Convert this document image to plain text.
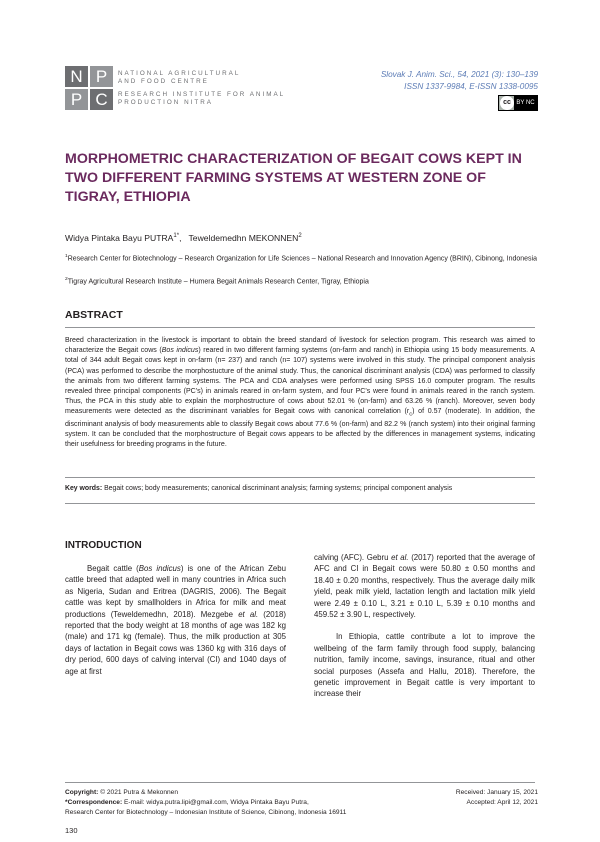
N P
P C
NATIONAL AGRICULTURAL
AND FOOD CENTRE
RESEARCH INSTITUTE FOR ANIMAL
PRODUCTION NITRA
Slovak J. Anim. Sci., 54, 2021 (3): 130–139
ISSN 1337-9984, E-ISSN 1338-0095
cc BY NC
MORPHOMETRIC CHARACTERIZATION OF BEGAIT COWS KEPT IN TWO DIFFERENT FARMING SYSTEMS AT WESTERN ZONE OF TIGRAY, ETHIOPIA
Widya Pintaka Bayu $PUTRA^{1*}$,   Teweldemedhn MEKONNEN$^2$
$^1$Research Center for Biotechnology – Research Organization for Life Sciences – National Research and Innovation Agency (BRIN), Cibinong, Indonesia
$^2$Tigray Agricultural Research Institute – Humera Begait Animals Research Center, Tigray, Ethiopia
ABSTRACT
Breed characterization in the livestock is important to obtain the breed standard of livestock for selection program. This research was aimed to characterize the Begait cows (Bos indicus) reared in two different farming systems (on-farm and ranch) in Ethiopia using 15 body measurements. A total of 344 adult Begait cows kept in on-farm (n= 237) and ranch (n= 107) systems were involved in this study. The principal component analysis (PCA) was performed to describe the morphostucture of the animal study. Thus, the canonical discriminant analysis (CDA) was performed to classify the animals from two different farming systems. The PCA and CDA analyses were performed using SPSS 16.0 computer program. The results revealed three principal components (PC's) in animals reared in on-farm system, and four PC's were found in animals reared in the ranch system. Thus, the PCA in this study able to explain the morphostructure of cows about 52.01 % (on-farm) and 63.26 % (ranch). Moreover, seven body measurements were detected as the discriminant variables for Begait cows with canonical correlation $(r_c)$ of 0.57 (moderate). In addition, the discriminant analysis of body measurements able to classify Begait cows about 77.6 % (on-farm) and 82.2 % (ranch system) into their original farming system. It can be concluded that the morphostructure of Begait cows appears to be affected by the differences in management systems, indicating their usefulness for breeding programs in the future.
Key words: Begait cows; body measurements; canonical discriminant analysis; farming systems; principal component analysis
INTRODUCTION

Begait cattle (Bos indicus) is one of the African Zebu cattle breed that adapted well in many countries in Africa such as Nigeria, Sudan and Eritrea (DAGRIS, 2006). The Begait cattle was kept by smallholders in Africa for milk and meat productions (Teweldemedhn, 2018). Mezgebe et al. (2018) reported that the body weight at 18 months of age was 182 kg (male) and 171 kg (female). Thus, the milk production at 305 days of lactation in Begait cows was 1360 kg with 316 days of dry period, 600 days of calving interval (CI) and 1040 days of age at first

calving (AFC). Gebru et al. (2017) reported that the average of AFC and CI in Begait cows were 50.80 ± 0.50 months and 18.40 ± 0.20 months, respectively. Thus the average daily milk yield, peak milk yield, lactation length and lactation milk yield were 2.49 ± 0.10 L, 3.21 ± 0.10 L, 5.39 ± 0.10 months and 459.52 ± 3.90 L, respectively.

In Ethiopia, cattle contribute a lot to improve the wellbeing of the farm family through food supply, balancing nutrition, family income, savings, insurance, ritual and other social purposes (Assefa and Hallu, 2018). Therefore, the genetic improvement in Begait cattle is very important to increase their

Copyright: © 2021 Putra & Mekonnen
*Correspondence: E-mail: widya.putra.lipi@gmail.com, Widya Pintaka Bayu Putra,
Research Center for Biotechnology – Indonesian Institute of Science, Cibinong, Indonesia 16911
Received: January 15, 2021
Accepted: April 12, 2021
130
